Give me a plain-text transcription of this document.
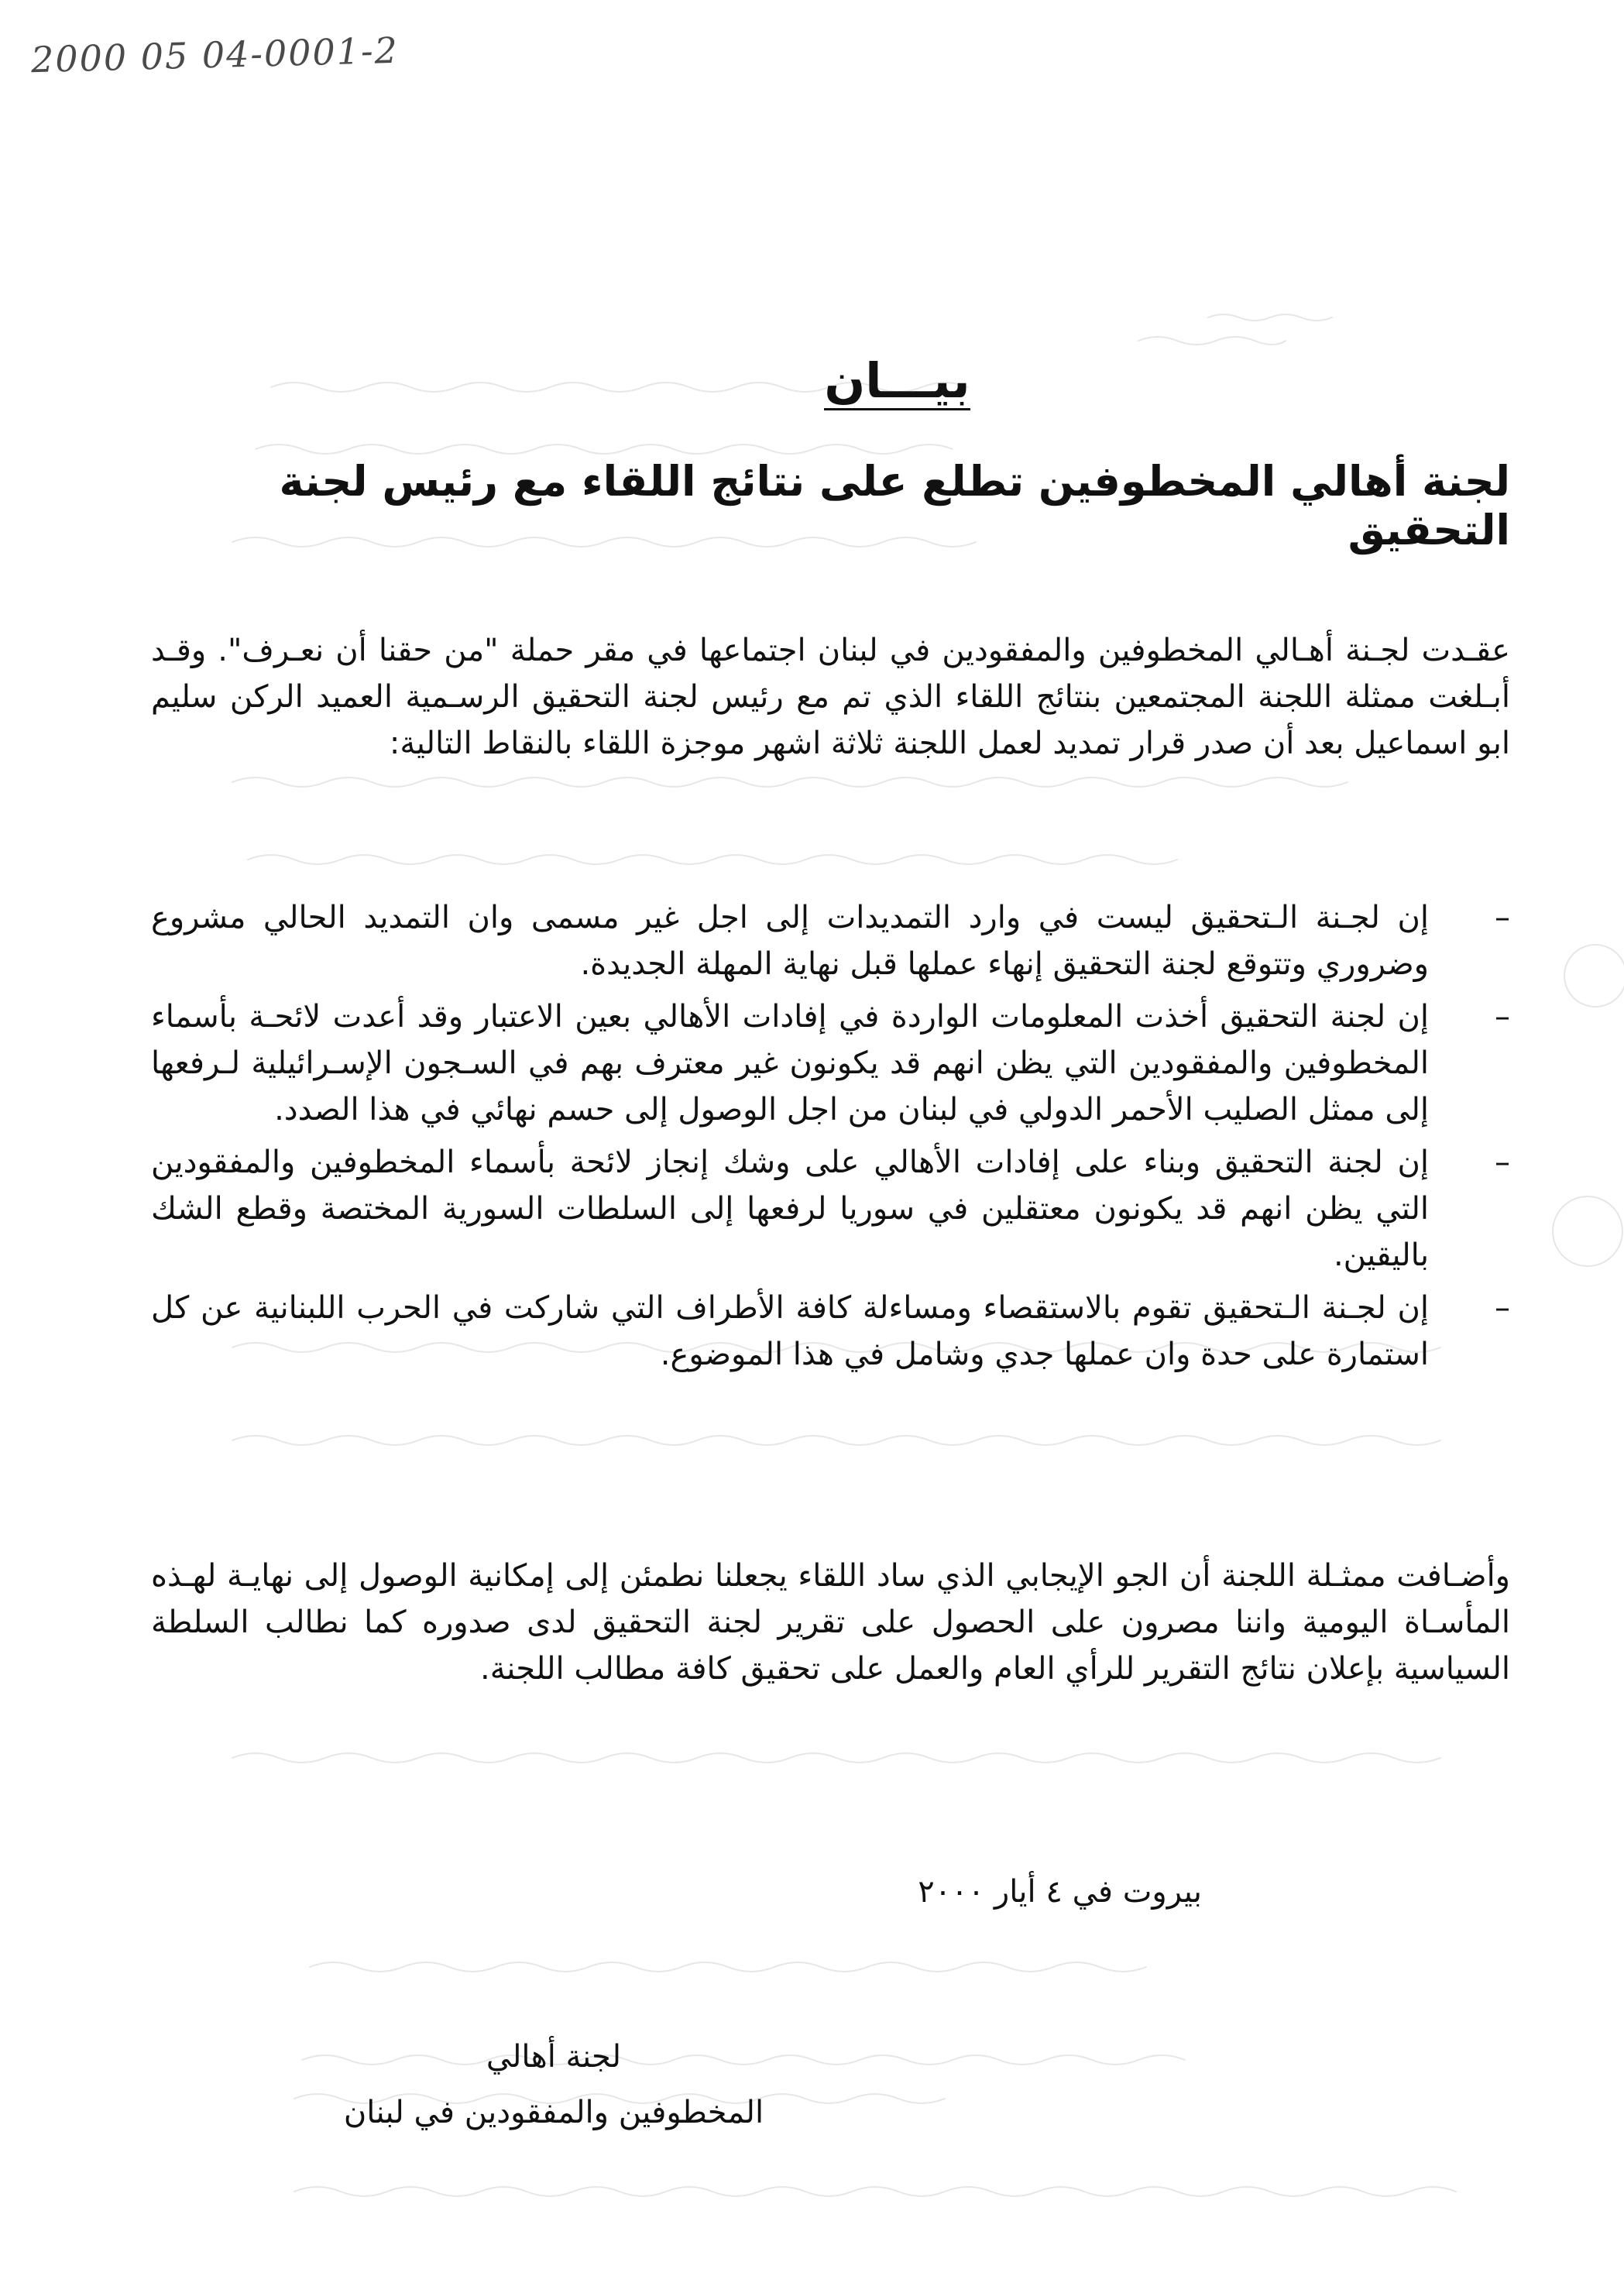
2000 05 04-0001-2
بيـــان
لجنة أهالي المخطوفين تطلع على نتائج اللقاء مع رئيس لجنة التحقيق
عقـدت لجـنة أهـالي المخطوفين والمفقودين في لبنان اجتماعها في مقر حملة "من حقنا أن نعـرف". وقـد أبـلغت ممثلة اللجنة المجتمعين بنتائج اللقاء الذي تم مع رئيس لجنة التحقيق الرسـمية العميد الركن سليم ابو اسماعيل بعد أن صدر قرار تمديد لعمل اللجنة ثلاثة اشهر موجزة اللقاء بالنقاط التالية:
–
إن لجـنة الـتحقيق ليست في وارد التمديدات إلى اجل غير مسمى وان التمديد الحالي مشروع وضروري وتتوقع لجنة التحقيق إنهاء عملها قبل نهاية المهلة الجديدة.
–
إن لجنة التحقيق أخذت المعلومات الواردة في إفادات الأهالي بعين الاعتبار وقد أعدت لائحـة بأسماء المخطوفين والمفقودين التي يظن انهم قد يكونون غير معترف بهم في السـجون الإسـرائيلية لـرفعها إلى ممثل الصليب الأحمر الدولي في لبنان من اجل الوصول إلى حسم نهائي في هذا الصدد.
–
إن لجنة التحقيق وبناء على إفادات الأهالي على وشك إنجاز لائحة بأسماء المخطوفين والمفقودين التي يظن انهم قد يكونون معتقلين في سوريا لرفعها إلى السلطات السورية المختصة وقطع الشك باليقين.
–
إن لجـنة الـتحقيق تقوم بالاستقصاء ومساءلة كافة الأطراف التي شاركت في الحرب اللبنانية عن كل استمارة على حدة وان عملها جدي وشامل في هذا الموضوع.
وأضـافت ممثـلة اللجنة أن الجو الإيجابي الذي ساد اللقاء يجعلنا نطمئن إلى إمكانية الوصول إلى نهايـة لهـذه المأسـاة اليومية واننا مصرون على الحصول على تقرير لجنة التحقيق لدى صدوره كما نطالب السلطة السياسية بإعلان نتائج التقرير للرأي العام والعمل على تحقيق كافة مطالب اللجنة.
بيروت في ٤ أيار ٢٠٠٠
لجنة أهالي
المخطوفين والمفقودين في لبنان
